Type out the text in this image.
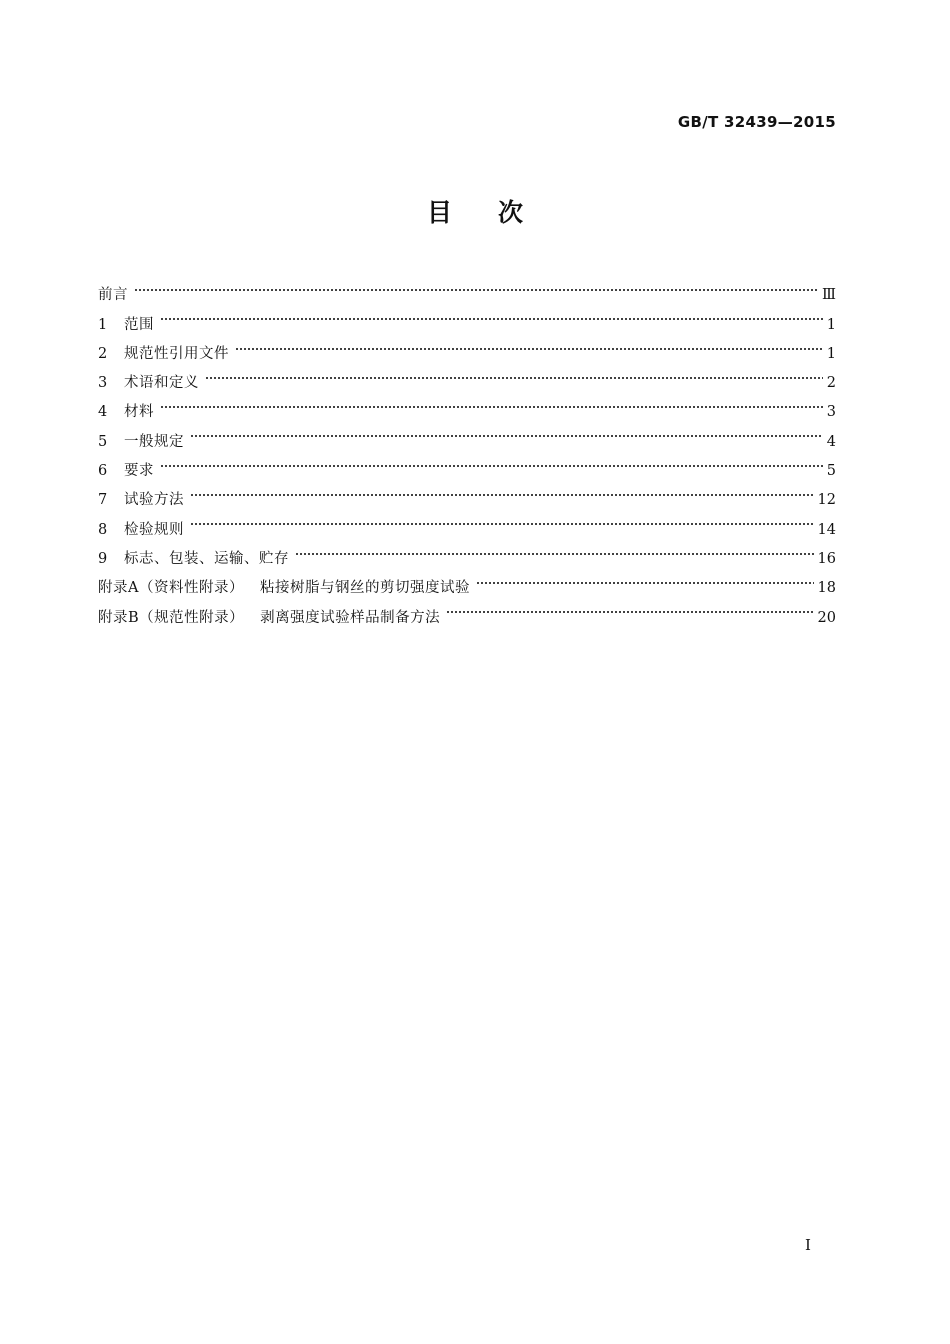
GB/T 32439—2015
目次
前言	Ⅲ
1	范围	1
2	规范性引用文件	1
3	术语和定义	2
4	材料	3
5	一般规定	4
6	要求	5
7	试验方法	12
8	检验规则	14
9	标志、包装、运输、贮存	16
附录A（资料性附录） 粘接树脂与钢丝的剪切强度试验	18
附录B（规范性附录） 剥离强度试验样品制备方法	20
I
